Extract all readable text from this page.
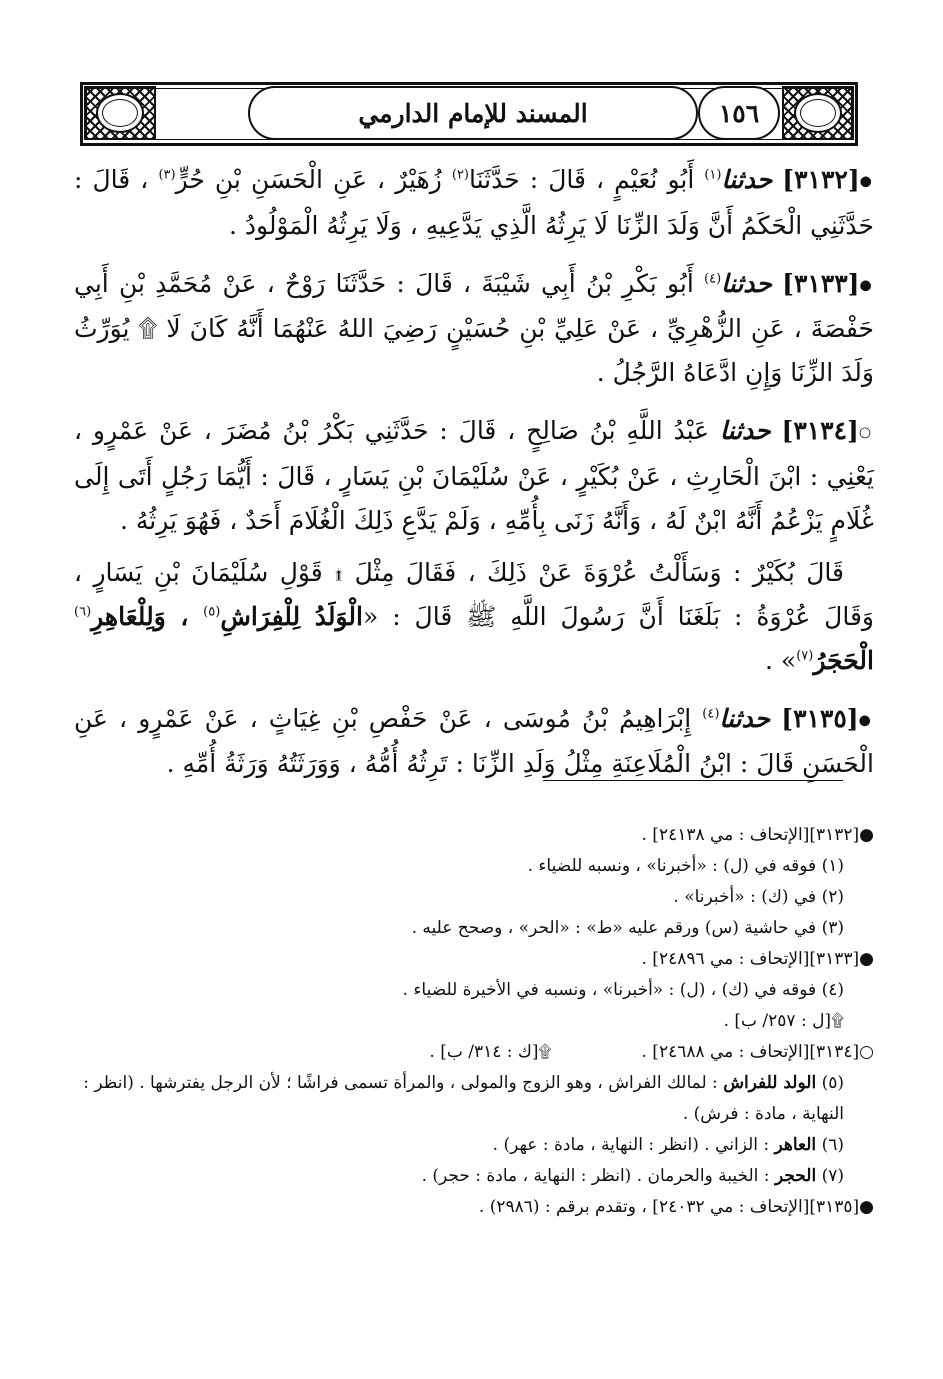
المسند للإمام الدارمي	١٥٦

●[٣١٣٢] حدثنا$^{(١)}$ أَبُو نُعَيْمٍ ، قَالَ : حَدَّثَنَا$^{(٢)}$ زُهَيْرٌ ، عَنِ الْحَسَنِ بْنِ حُرٍّ$^{(٣)}$ ، قَالَ : حَدَّثَنِي الْحَكَمُ أَنَّ وَلَدَ الزِّنَا لَا يَرِثُهُ الَّذِي يَدَّعِيهِ ، وَلَا يَرِثُهُ الْمَوْلُودُ .

●[٣١٣٣] حدثنا$^{(٤)}$ أَبُو بَكْرِ بْنُ أَبِي شَيْبَةَ ، قَالَ : حَدَّثَنَا رَوْحٌ ، عَنْ مُحَمَّدِ بْنِ أَبِي حَفْصَةَ ، عَنِ الزُّهْرِيِّ ، عَنْ عَلِيِّ بْنِ حُسَيْنٍ رَضِيَ اللهُ عَنْهُمَا أَنَّهُ كَانَ لَا ۩ يُوَرِّثُ وَلَدَ الزِّنَا وَإِنِ ادَّعَاهُ الرَّجُلُ .

○[٣١٣٤] حدثنا عَبْدُ اللَّهِ بْنُ صَالِحٍ ، قَالَ : حَدَّثَنِي بَكْرُ بْنُ مُضَرَ ، عَنْ عَمْرٍو ، يَعْنِي : ابْنَ الْحَارِثِ ، عَنْ بُكَيْرٍ ، عَنْ سُلَيْمَانَ بْنِ يَسَارٍ ، قَالَ : أَيُّمَا رَجُلٍ أَتَى إِلَى غُلَامٍ يَزْعُمُ أَنَّهُ ابْنٌ لَهُ ، وَأَنَّهُ زَنَى بِأُمِّهِ ، وَلَمْ يَدَّعِ ذَلِكَ الْغُلَامَ أَحَدٌ ، فَهُوَ يَرِثُهُ .

قَالَ بُكَيْرٌ : وَسَأَلْتُ عُرْوَةَ عَنْ ذَلِكَ ، فَقَالَ مِثْلَ ۩ قَوْلِ سُلَيْمَانَ بْنِ يَسَارٍ ، وَقَالَ عُرْوَةُ : بَلَغَنَا أَنَّ رَسُولَ اللَّهِ ﷺ قَالَ : «الْوَلَدُ لِلْفِرَاشِ$^{(٥)}$ ، وَلِلْعَاهِرِ$^{(٦)}$ الْحَجَرُ$^{(٧)}$» .

●[٣١٣٥] حدثنا$^{(٤)}$ إِبْرَاهِيمُ بْنُ مُوسَى ، عَنْ حَفْصِ بْنِ غِيَاثٍ ، عَنْ عَمْرٍو ، عَنِ الْحَسَنِ قَالَ : ابْنُ الْمُلَاعِنَةِ مِثْلُ وَلَدِ الزِّنَا : تَرِثُهُ أُمُّهُ ، وَوَرَثَتُهُ وَرَثَةُ أُمِّهِ .

●[٣١٣٢][الإتحاف : مي ٢٤١٣٨] .

(١) فوقه في (ل) : «أخبرنا» ، ونسبه للضياء .

(٢) في (ك) : «أخبرنا» .

(٣) في حاشية (س) ورقم عليه «ط» : «الحر» ، وصحح عليه .

●[٣١٣٣][الإتحاف : مي ٢٤٨٩٦] .

(٤) فوقه في (ك) ، (ل) : «أخبرنا» ، ونسبه في الأخيرة للضياء .

۩[ل : ٢٥٧/ ب] .

○[٣١٣٤][الإتحاف : مي ٢٤٦٨٨] .
۩[ك : ٣١٤/ ب] .

(٥) الولد للفراش : لمالك الفراش ، وهو الزوج والمولى ، والمرأة تسمى فراشًا ؛ لأن الرجل يفترشها . (انظر : النهاية ، مادة : فرش) .

(٦) العاهر : الزاني . (انظر : النهاية ، مادة : عهر) .

(٧) الحجر : الخيبة والحرمان . (انظر : النهاية ، مادة : حجر) .

●[٣١٣٥][الإتحاف : مي ٢٤٠٣٢] ، وتقدم برقم : (٢٩٨٦) .
